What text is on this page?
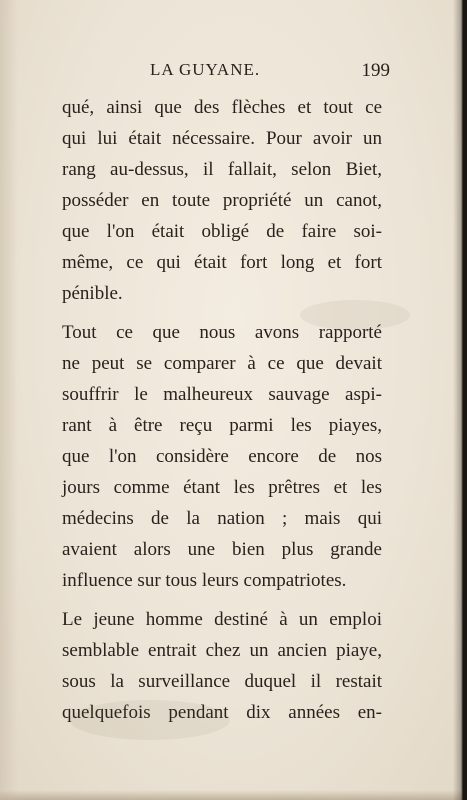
LA GUYANE.	199
qué, ainsi que des flèches et tout ce
qui lui était nécessaire. Pour avoir un
rang au-dessus, il fallait, selon Biet,
posséder en toute propriété un canot,
que l'on était obligé de faire soi-
même, ce qui était fort long et fort
pénible.
Tout ce que nous avons rapporté
ne peut se comparer à ce que devait
souffrir le malheureux sauvage aspi-
rant à être reçu parmi les piayes,
que l'on considère encore de nos
jours comme étant les prêtres et les
médecins de la nation ; mais qui
avaient alors une bien plus grande
influence sur tous leurs compatriotes.
Le jeune homme destiné à un emploi
semblable entrait chez un ancien piaye,
sous la surveillance duquel il restait
quelquefois pendant dix années en-
